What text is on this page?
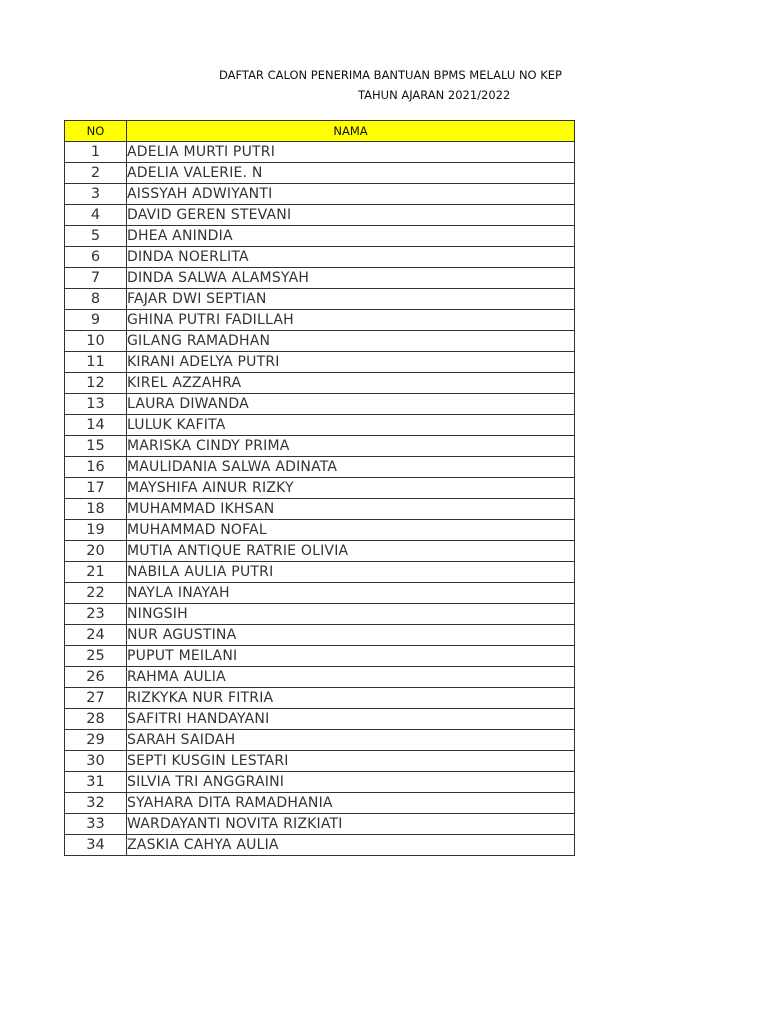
DAFTAR CALON PENERIMA BANTUAN BPMS MELALU NO KEP
TAHUN AJARAN 2021/2022
NO	NAMA
1	ADELIA MURTI PUTRI
2	ADELIA VALERIE. N
3	AISSYAH ADWIYANTI
4	DAVID GEREN STEVANI
5	DHEA ANINDIA
6	DINDA NOERLITA
7	DINDA SALWA ALAMSYAH
8	FAJAR DWI SEPTIAN
9	GHINA PUTRI FADILLAH
10	GILANG RAMADHAN
11	KIRANI ADELYA PUTRI
12	KIREL AZZAHRA
13	LAURA DIWANDA
14	LULUK KAFITA
15	MARISKA CINDY PRIMA
16	MAULIDANIA SALWA ADINATA
17	MAYSHIFA AINUR RIZKY
18	MUHAMMAD IKHSAN
19	MUHAMMAD NOFAL
20	MUTIA ANTIQUE RATRIE OLIVIA
21	NABILA AULIA PUTRI
22	NAYLA INAYAH
23	NINGSIH
24	NUR AGUSTINA
25	PUPUT MEILANI
26	RAHMA AULIA
27	RIZKYKA NUR FITRIA
28	SAFITRI HANDAYANI
29	SARAH SAIDAH
30	SEPTI KUSGIN LESTARI
31	SILVIA TRI ANGGRAINI
32	SYAHARA DITA RAMADHANIA
33	WARDAYANTI NOVITA RIZKIATI
34	ZASKIA CAHYA AULIA
